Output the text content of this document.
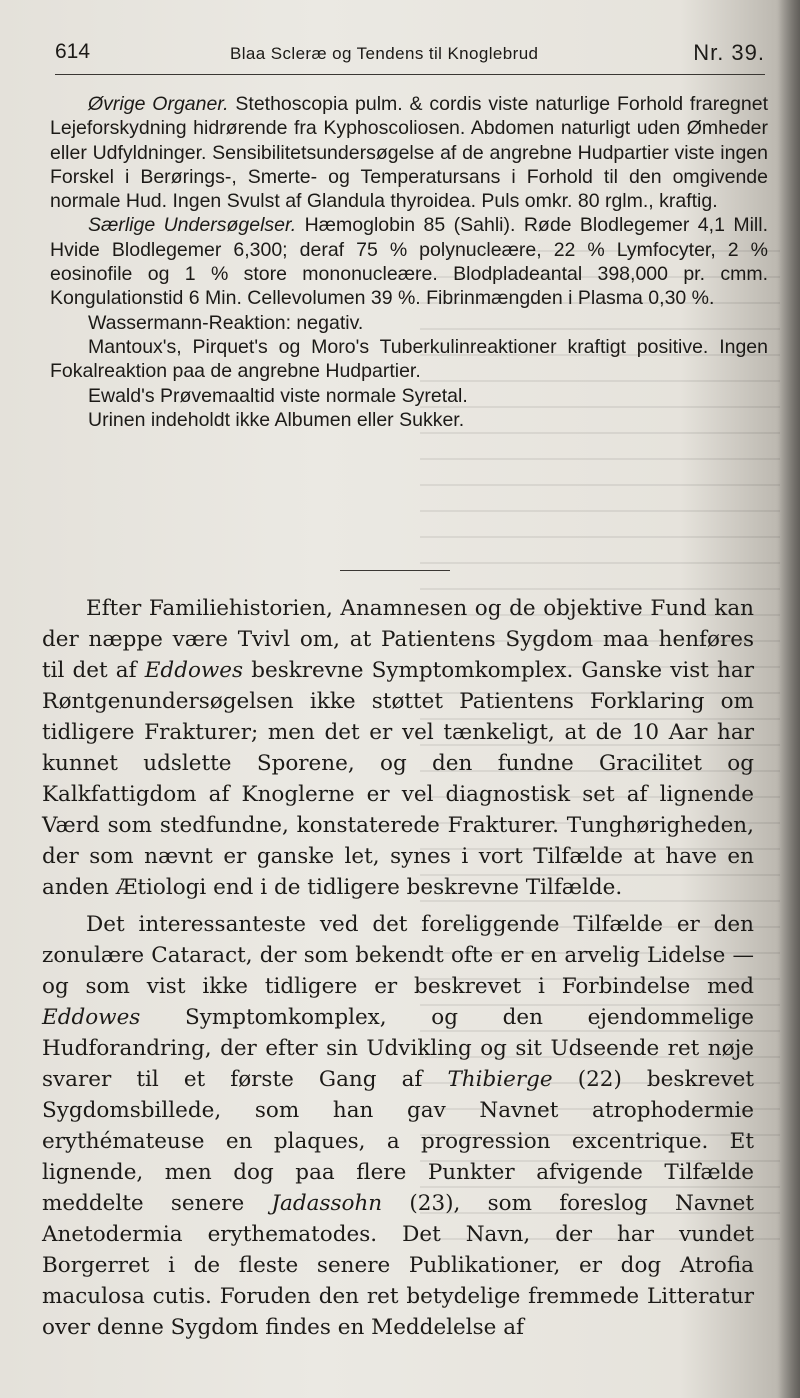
614	Blaa Scleræ og Tendens til Knoglebrud	Nr. 39.

Øvrige Organer. Stethoscopia pulm. & cordis viste naturlige Forhold fraregnet Lejeforskydning hidrørende fra Kyphoscoliosen. Abdomen naturligt uden Ømheder eller Udfyldninger. Sensibilitetsundersøgelse af de angrebne Hudpartier viste ingen Forskel i Berørings-, Smerte- og Temperatursans i Forhold til den omgivende normale Hud. Ingen Svulst af Glandula thyroidea. Puls omkr. 80 rglm., kraftig.

Særlige Undersøgelser. Hæmoglobin 85 (Sahli). Røde Blodlegemer 4,1 Mill. Hvide Blodlegemer 6,300; deraf 75 % polynucleære, 22 % Lymfocyter, 2 % eosinofile og 1 % store mononucleære. Blodpladeantal 398,000 pr. cmm. Kongulationstid 6 Min. Cellevolumen 39 %. Fibrinmængden i Plasma 0,30 %.

Wassermann-Reaktion: negativ.

Mantoux's, Pirquet's og Moro's Tuberkulinreaktioner kraftigt positive. Ingen Fokalreaktion paa de angrebne Hudpartier.

Ewald's Prøvemaaltid viste normale Syretal.

Urinen indeholdt ikke Albumen eller Sukker.

Efter Familiehistorien, Anamnesen og de objektive Fund kan der næppe være Tvivl om, at Patientens Sygdom maa henføres til det af Eddowes beskrevne Symptomkomplex. Ganske vist har Røntgenundersøgelsen ikke støttet Patientens Forklaring om tidligere Frakturer; men det er vel tænkeligt, at de 10 Aar har kunnet udslette Sporene, og den fundne Gracilitet og Kalkfattigdom af Knoglerne er vel diagnostisk set af lignende Værd som stedfundne, konstaterede Frakturer. Tunghørigheden, der som nævnt er ganske let, synes i vort Tilfælde at have en anden Ætiologi end i de tidligere beskrevne Tilfælde.

Det interessanteste ved det foreliggende Tilfælde er den zonulære Cataract, der som bekendt ofte er en arvelig Lidelse — og som vist ikke tidligere er beskrevet i Forbindelse med Eddowes Symptomkomplex, og den ejendommelige Hudforandring, der efter sin Udvikling og sit Udseende ret nøje svarer til et første Gang af Thibierge (22) beskrevet Sygdomsbillede, som han gav Navnet atrophodermie erythémateuse en plaques, a progression excentrique. Et lignende, men dog paa flere Punkter afvigende Tilfælde meddelte senere Jadassohn (23), som foreslog Navnet Anetodermia erythematodes. Det Navn, der har vundet Borgerret i de fleste senere Publikationer, er dog Atrofia maculosa cutis. Foruden den ret betydelige fremmede Litteratur over denne Sygdom findes en Meddelelse af
